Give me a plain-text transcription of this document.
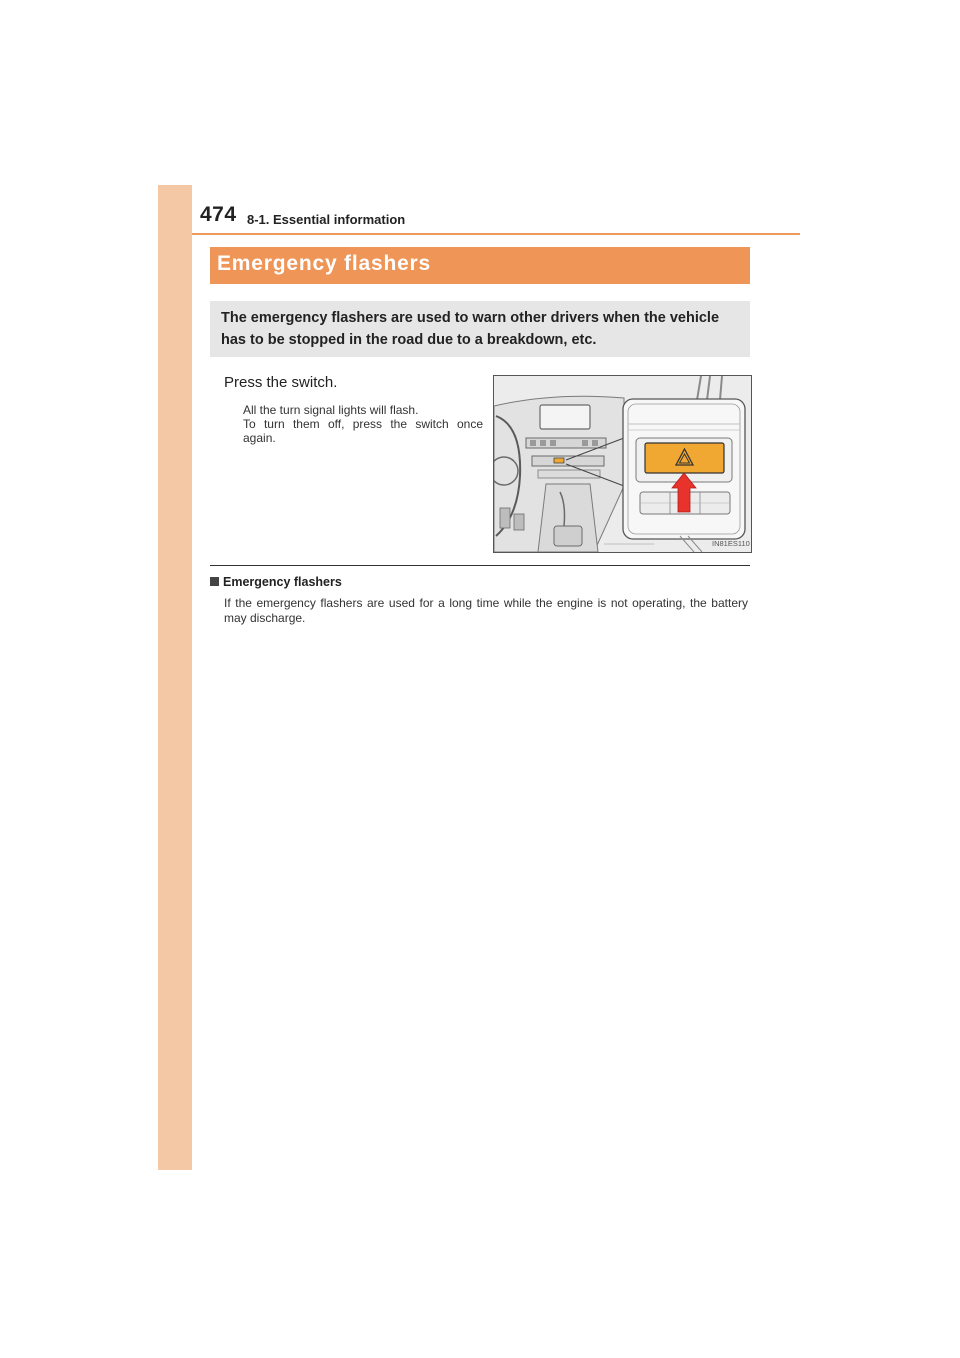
474 8-1. Essential information
Emergency flashers
The emergency flashers are used to warn other drivers when the vehicle has to be stopped in the road due to a breakdown, etc.
Press the switch.
All the turn signal lights will flash.
To turn them off, press the switch once again.
IN81ES110
Emergency flashers
If the emergency flashers are used for a long time while the engine is not operating, the battery may discharge.
